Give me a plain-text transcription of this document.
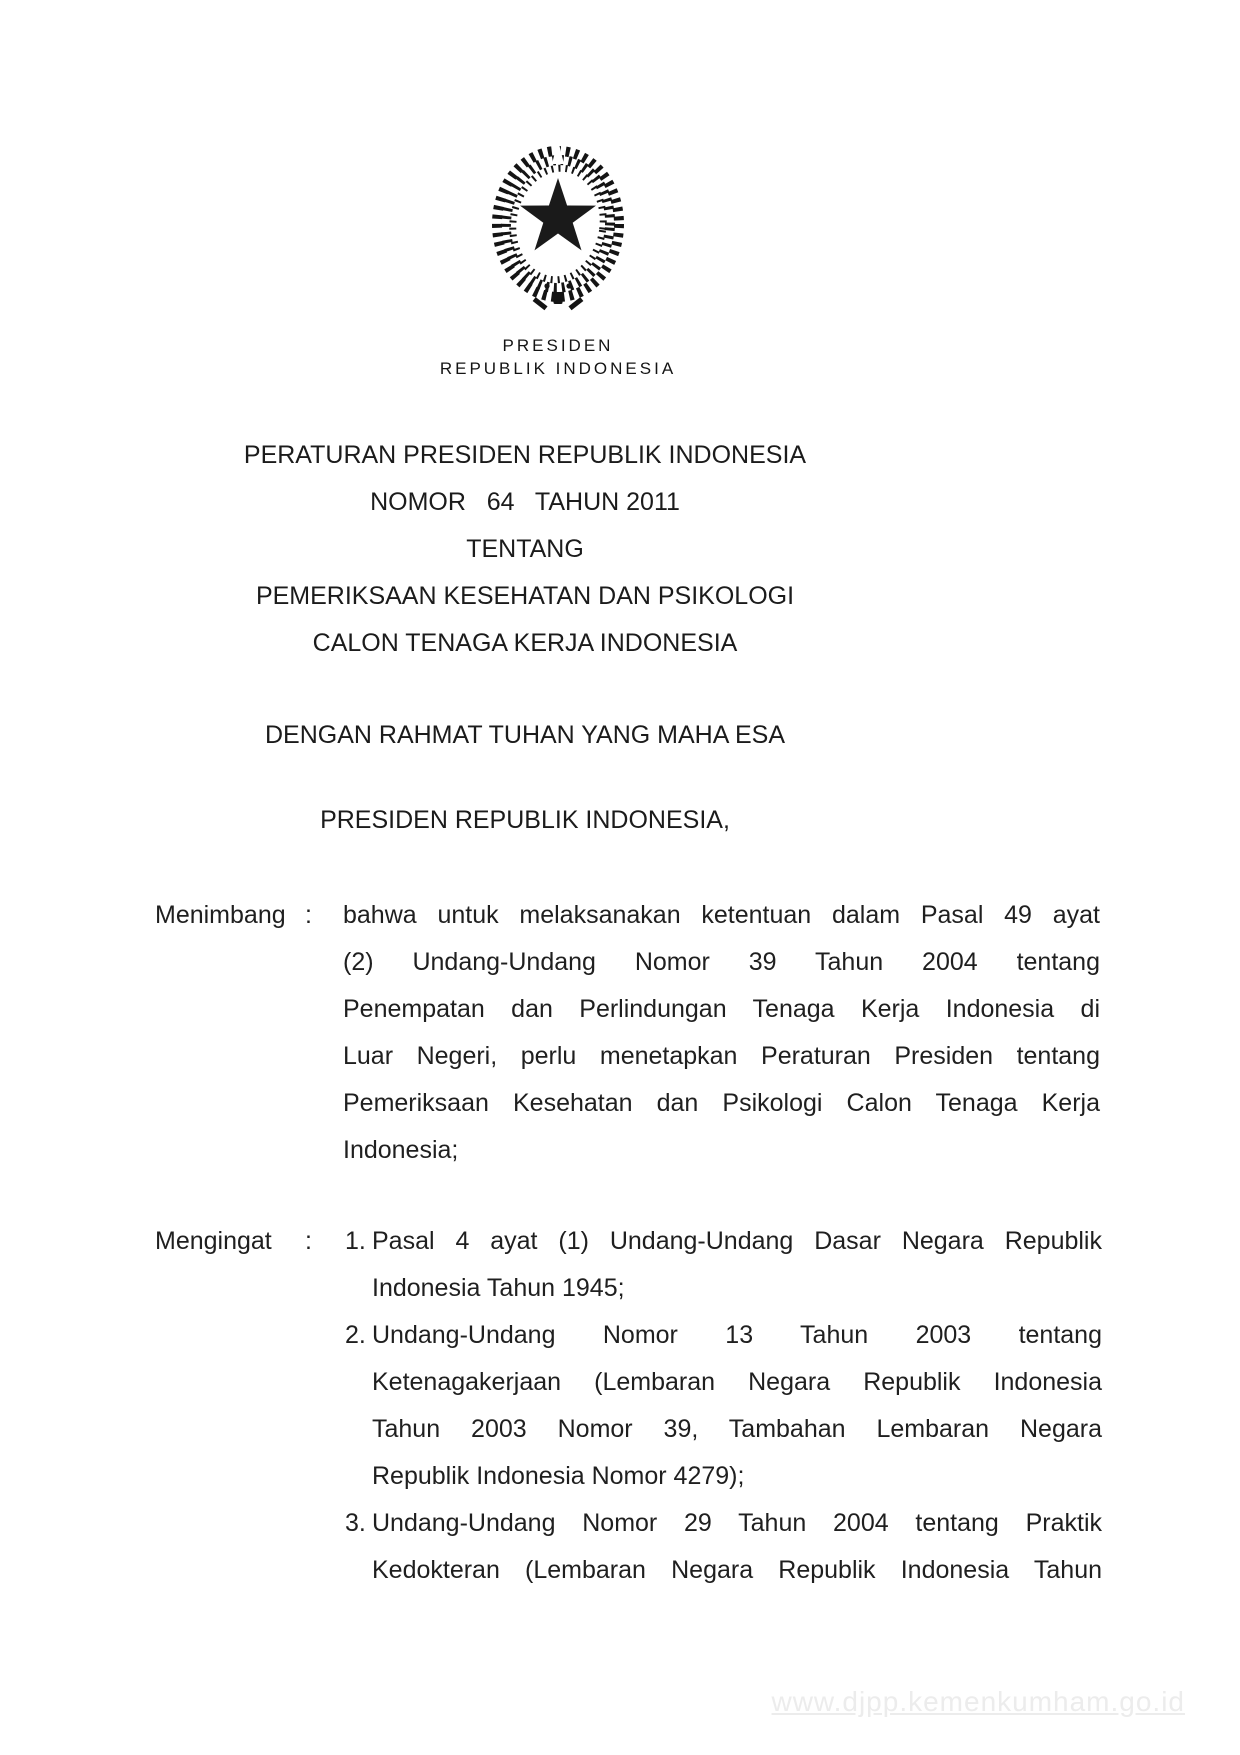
PRESIDEN
REPUBLIK INDONESIA
PERATURAN PRESIDEN REPUBLIK INDONESIA
NOMOR   64   TAHUN 2011
TENTANG
PEMERIKSAAN KESEHATAN DAN PSIKOLOGI
CALON TENAGA KERJA INDONESIA
DENGAN RAHMAT TUHAN YANG MAHA ESA
PRESIDEN REPUBLIK INDONESIA,
Menimbang : bahwa untuk melaksanakan ketentuan dalam Pasal 49 ayat
(2) Undang-Undang Nomor 39 Tahun 2004 tentang
Penempatan dan Perlindungan Tenaga Kerja Indonesia di
Luar Negeri, perlu menetapkan Peraturan Presiden tentang
Pemeriksaan Kesehatan dan Psikologi Calon Tenaga Kerja
Indonesia;
Mengingat : 1. Pasal 4 ayat (1) Undang-Undang Dasar Negara Republik
Indonesia Tahun 1945;
2. Undang-Undang Nomor 13 Tahun 2003 tentang
Ketenagakerjaan (Lembaran Negara Republik Indonesia
Tahun 2003 Nomor 39, Tambahan Lembaran Negara
Republik Indonesia Nomor 4279);
3. Undang-Undang Nomor 29 Tahun 2004 tentang Praktik
Kedokteran (Lembaran Negara Republik Indonesia Tahun
www.djpp.kemenkumham.go.id
